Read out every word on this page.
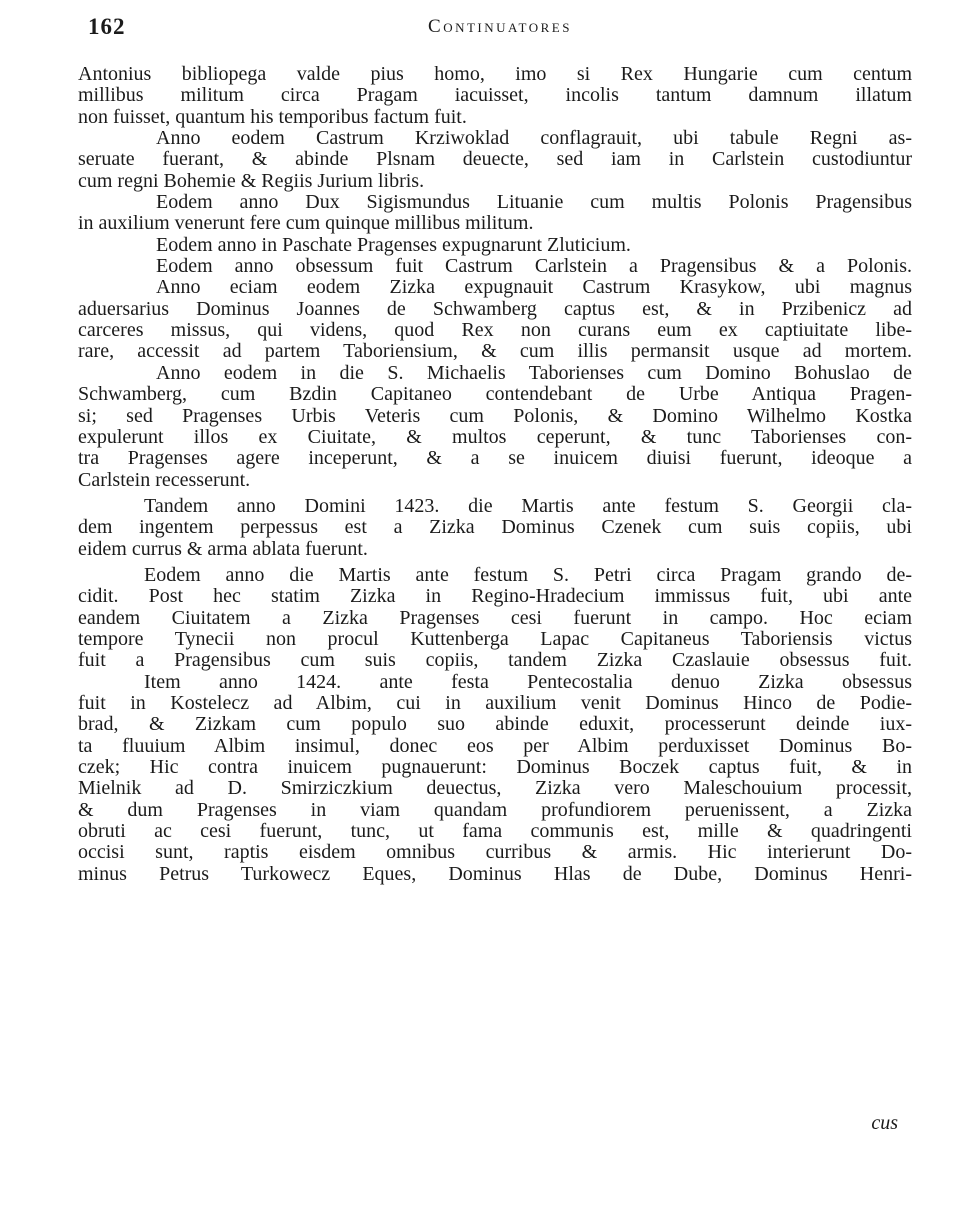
162	Continuatores
Antonius bibliopega valde pius homo, imo si Rex Hungarie cum centum
millibus militum circa Pragam iacuisset, incolis tantum damnum illatum
non fuisset, quantum his temporibus factum fuit.
Anno eodem Castrum Krziwoklad conflagrauit, ubi tabule Regni as-
seruate fuerant, & abinde Plsnam deuecte, sed iam in Carlstein custodiuntur
cum regni Bohemie & Regiis Jurium libris.
Eodem anno Dux Sigismundus Lituanie cum multis Polonis Pragensibus
in auxilium venerunt fere cum quinque millibus militum.
Eodem anno in Paschate Pragenses expugnarunt Zluticium.
Eodem anno obsessum fuit Castrum Carlstein a Pragensibus & a Polonis.
Anno eciam eodem Zizka expugnauit Castrum Krasykow, ubi magnus
aduersarius Dominus Joannes de Schwamberg captus est, & in Przibenicz ad
carceres missus, qui videns, quod Rex non curans eum ex captiuitate libe-
rare, accessit ad partem Taboriensium, & cum illis permansit usque ad mortem.
Anno eodem in die S. Michaelis Taborienses cum Domino Bohuslao de
Schwamberg, cum Bzdin Capitaneo contendebant de Urbe Antiqua Pragen-
si; sed Pragenses Urbis Veteris cum Polonis, & Domino Wilhelmo Kostka
expulerunt illos ex Ciuitate, & multos ceperunt, & tunc Taborienses con-
tra Pragenses agere inceperunt, & a se inuicem diuisi fuerunt, ideoque a
Carlstein recesserunt.
Tandem anno Domini 1423. die Martis ante festum S. Georgii cla-
dem ingentem perpessus est a Zizka Dominus Czenek cum suis copiis, ubi
eidem currus & arma ablata fuerunt.
Eodem anno die Martis ante festum S. Petri circa Pragam grando de-
cidit. Post hec statim Zizka in Regino-Hradecium immissus fuit, ubi ante
eandem Ciuitatem a Zizka Pragenses cesi fuerunt in campo. Hoc eciam
tempore Tynecii non procul Kuttenberga Lapac Capitaneus Taboriensis victus
fuit a Pragensibus cum suis copiis, tandem Zizka Czaslauie obsessus fuit.
Item anno 1424. ante festa Pentecostalia denuo Zizka obsessus
fuit in Kostelecz ad Albim, cui in auxilium venit Dominus Hinco de Podie-
brad, & Zizkam cum populo suo abinde eduxit, processerunt deinde iux-
ta fluuium Albim insimul, donec eos per Albim perduxisset Dominus Bo-
czek; Hic contra inuicem pugnauerunt: Dominus Boczek captus fuit, & in
Mielnik ad D. Smirziczkium deuectus, Zizka vero Maleschouium processit,
& dum Pragenses in viam quandam profundiorem peruenissent, a Zizka
obruti ac cesi fuerunt, tunc, ut fama communis est, mille & quadringenti
occisi sunt, raptis eisdem omnibus curribus & armis. Hic interierunt Do-
minus Petrus Turkowecz Eques, Dominus Hlas de Dube, Dominus Henri-
cus
